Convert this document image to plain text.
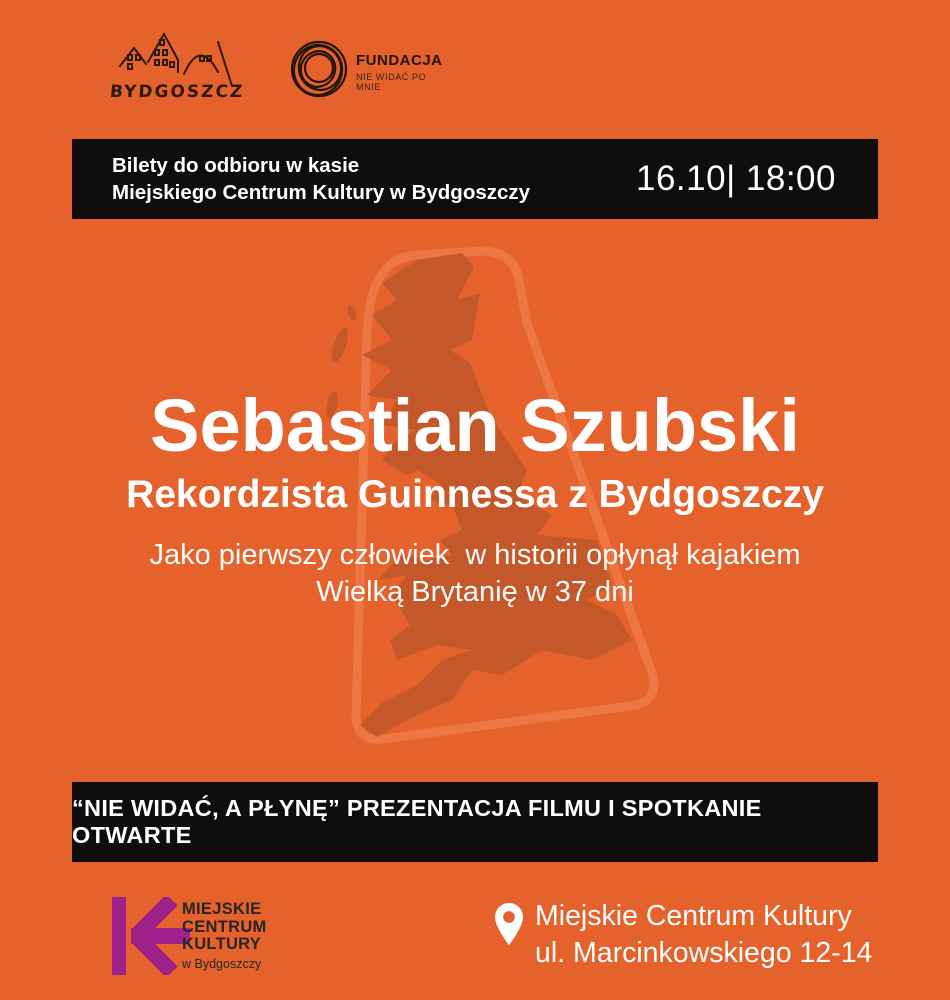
BYDGOSZCZ
FUNDACJA
NIE WIDAĆ PO MNIE
Bilety do odbioru w kasie
Miejskiego Centrum Kultury w Bydgoszczy	16.10| 18:00
Sebastian Szubski
Rekordzista Guinnessa z Bydgoszczy
Jako pierwszy człowiek  w historii opłynął kajakiem
Wielką Brytanię w 37 dni
“NIE WIDAĆ, A PŁYNĘ” PREZENTACJA FILMU I SPOTKANIE OTWARTE
MIEJSKIE
CENTRUM
KULTURY
w Bydgoszczy
Miejskie Centrum Kultury
ul. Marcinkowskiego 12-14
